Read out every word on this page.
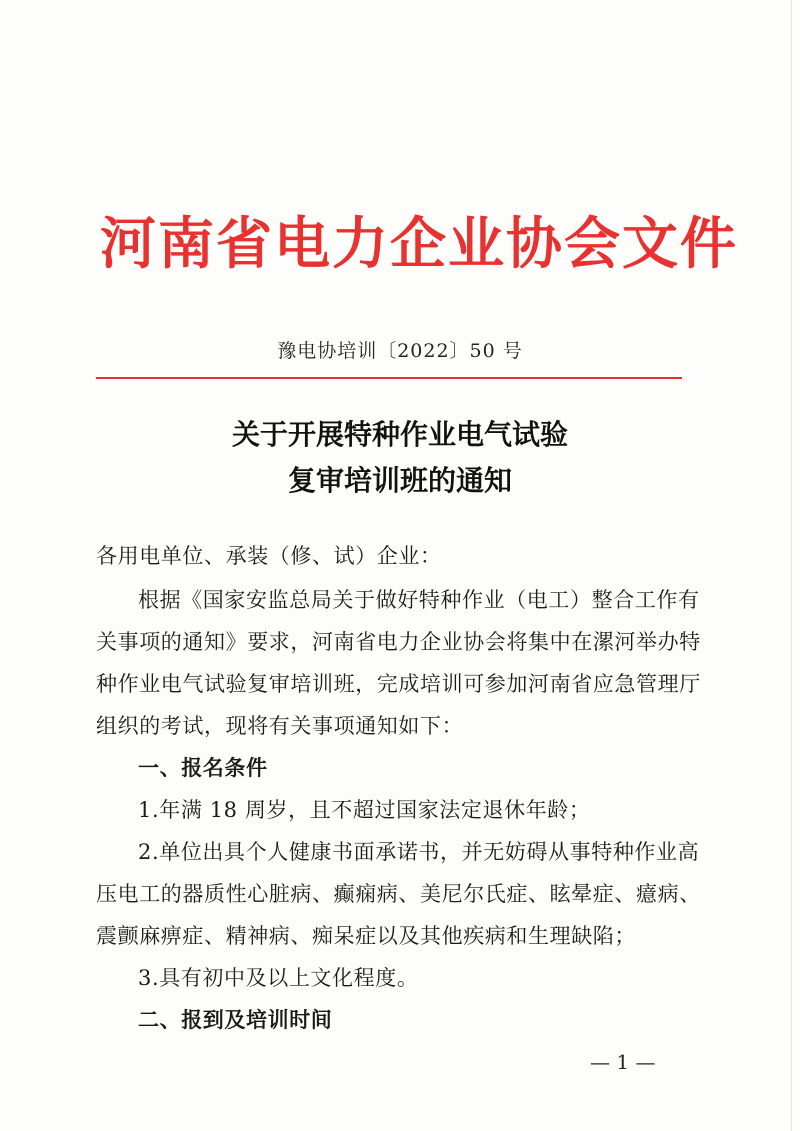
河南省电力企业协会文件
豫电协培训〔2022〕50 号
关于开展特种作业电气试验
复审培训班的通知
各用电单位、承装（修、试）企业：
根据《国家安监总局关于做好特种作业（电工）整合工作有
关事项的通知》要求，河南省电力企业协会将集中在漯河举办特
种作业电气试验复审培训班，完成培训可参加河南省应急管理厅
组织的考试，现将有关事项通知如下：
一、报名条件
1.年满 18 周岁，且不超过国家法定退休年龄；
2.单位出具个人健康书面承诺书，并无妨碍从事特种作业高
压电工的器质性心脏病、癫痫病、美尼尔氏症、眩晕症、癔病、
震颤麻痹症、精神病、痴呆症以及其他疾病和生理缺陷；
3.具有初中及以上文化程度。
二、报到及培训时间
— 1 —
